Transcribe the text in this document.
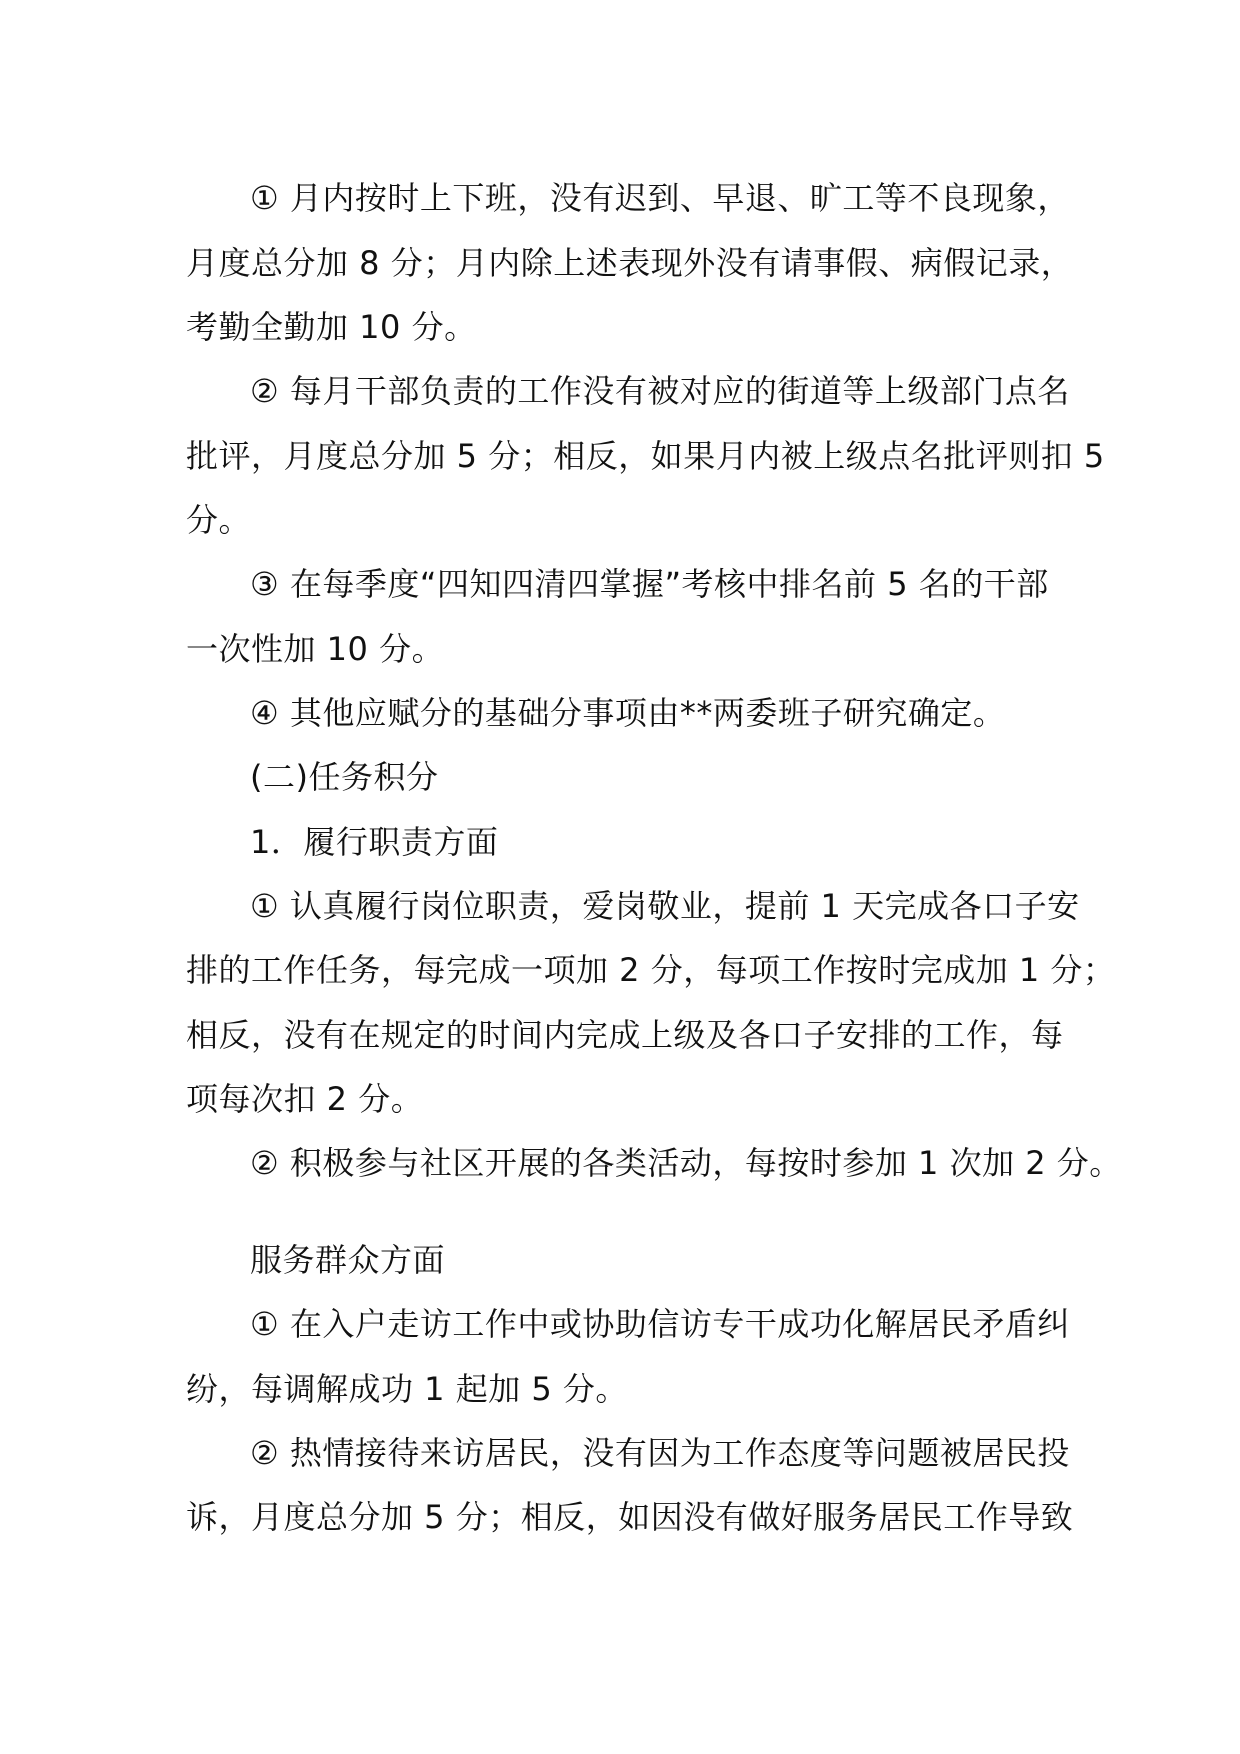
① 月内按时上下班，没有迟到、早退、旷工等不良现象，
月度总分加 8 分；月内除上述表现外没有请事假、病假记录，
考勤全勤加 10 分。
② 每月干部负责的工作没有被对应的街道等上级部门点名
批评，月度总分加 5 分；相反，如果月内被上级点名批评则扣 5
分。
③ 在每季度“四知四清四掌握”考核中排名前 5 名的干部
一次性加 10 分。
④ 其他应赋分的基础分事项由**两委班子研究确定。
(二)任务积分
1．履行职责方面
① 认真履行岗位职责，爱岗敬业，提前 1 天完成各口子安
排的工作任务，每完成一项加 2 分，每项工作按时完成加 1 分；
相反，没有在规定的时间内完成上级及各口子安排的工作，每
项每次扣 2 分。
② 积极参与社区开展的各类活动，每按时参加 1 次加 2 分。
服务群众方面
① 在入户走访工作中或协助信访专干成功化解居民矛盾纠
纷，每调解成功 1 起加 5 分。
② 热情接待来访居民，没有因为工作态度等问题被居民投
诉，月度总分加 5 分；相反，如因没有做好服务居民工作导致
